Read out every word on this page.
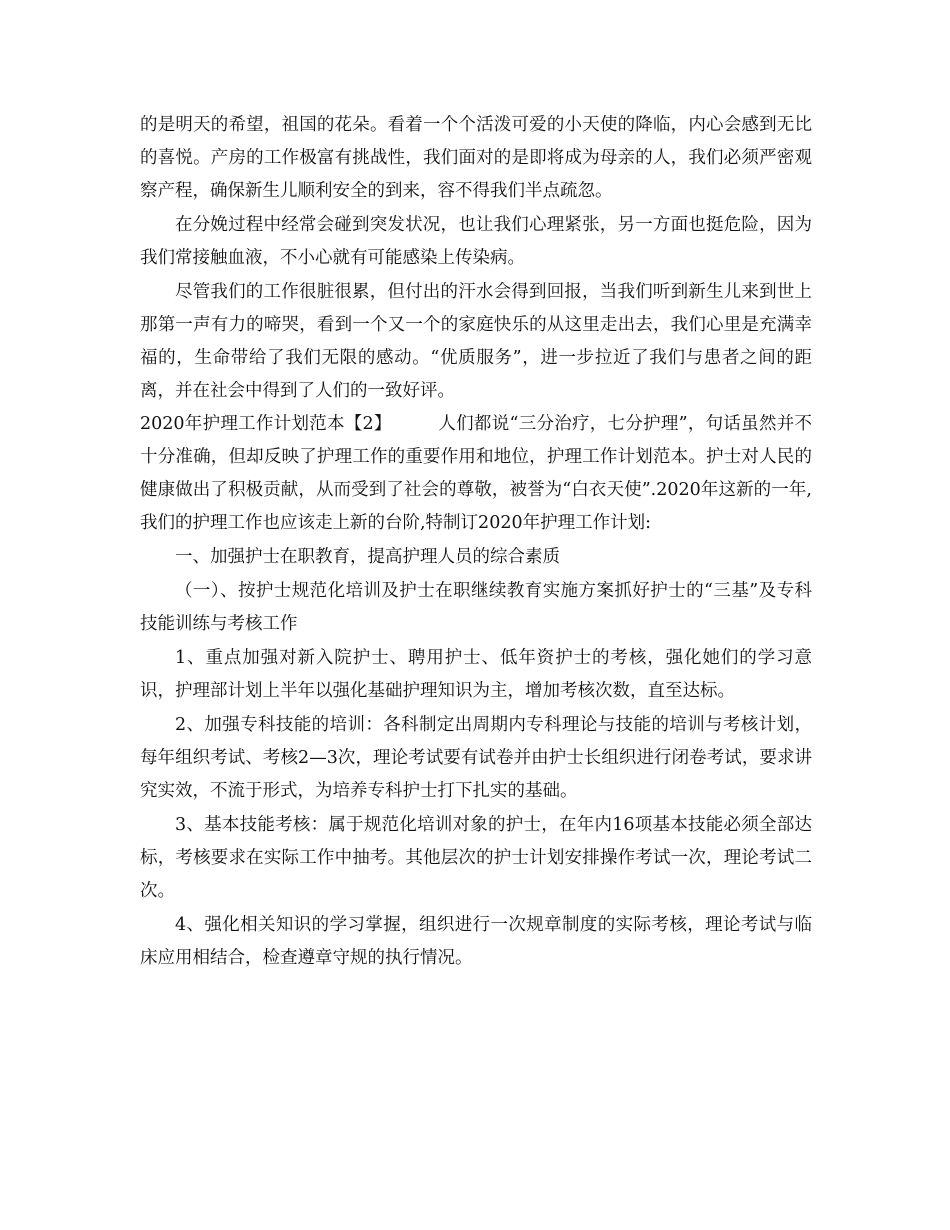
的是明天的希望，祖国的花朵。看着一个个活泼可爱的小天使的降临，内心会感到无比的喜悦。产房的工作极富有挑战性，我们面对的是即将成为母亲的人，我们必须严密观察产程，确保新生儿顺利安全的到来，容不得我们半点疏忽。

在分娩过程中经常会碰到突发状况，也让我们心理紧张，另一方面也挺危险，因为我们常接触血液，不小心就有可能感染上传染病。

尽管我们的工作很脏很累，但付出的汗水会得到回报，当我们听到新生儿来到世上那第一声有力的啼哭，看到一个又一个的家庭快乐的从这里走出去，我们心里是充满幸福的，生命带给了我们无限的感动。“优质服务”，进一步拉近了我们与患者之间的距离，并在社会中得到了人们的一致好评。

2020年护理工作计划范本【2】        人们都说“三分治疗，七分护理”，句话虽然并不十分准确，但却反映了护理工作的重要作用和地位，护理工作计划范本。护士对人民的健康做出了积极贡献，从而受到了社会的尊敬，被誉为“白衣天使”.2020年这新的一年,我们的护理工作也应该走上新的台阶,特制订2020年护理工作计划:

一、加强护士在职教育，提高护理人员的综合素质

（一）、按护士规范化培训及护士在职继续教育实施方案抓好护士的“三基”及专科技能训练与考核工作

1、重点加强对新入院护士、聘用护士、低年资护士的考核，强化她们的学习意识，护理部计划上半年以强化基础护理知识为主，增加考核次数，直至达标。

2、加强专科技能的培训：各科制定出周期内专科理论与技能的培训与考核计划，每年组织考试、考核2—3次，理论考试要有试卷并由护士长组织进行闭卷考试，要求讲究实效，不流于形式，为培养专科护士打下扎实的基础。

3、基本技能考核：属于规范化培训对象的护士，在年内16项基本技能必须全部达标，考核要求在实际工作中抽考。其他层次的护士计划安排操作考试一次，理论考试二次。

4、强化相关知识的学习掌握，组织进行一次规章制度的实际考核，理论考试与临床应用相结合，检查遵章守规的执行情况。
